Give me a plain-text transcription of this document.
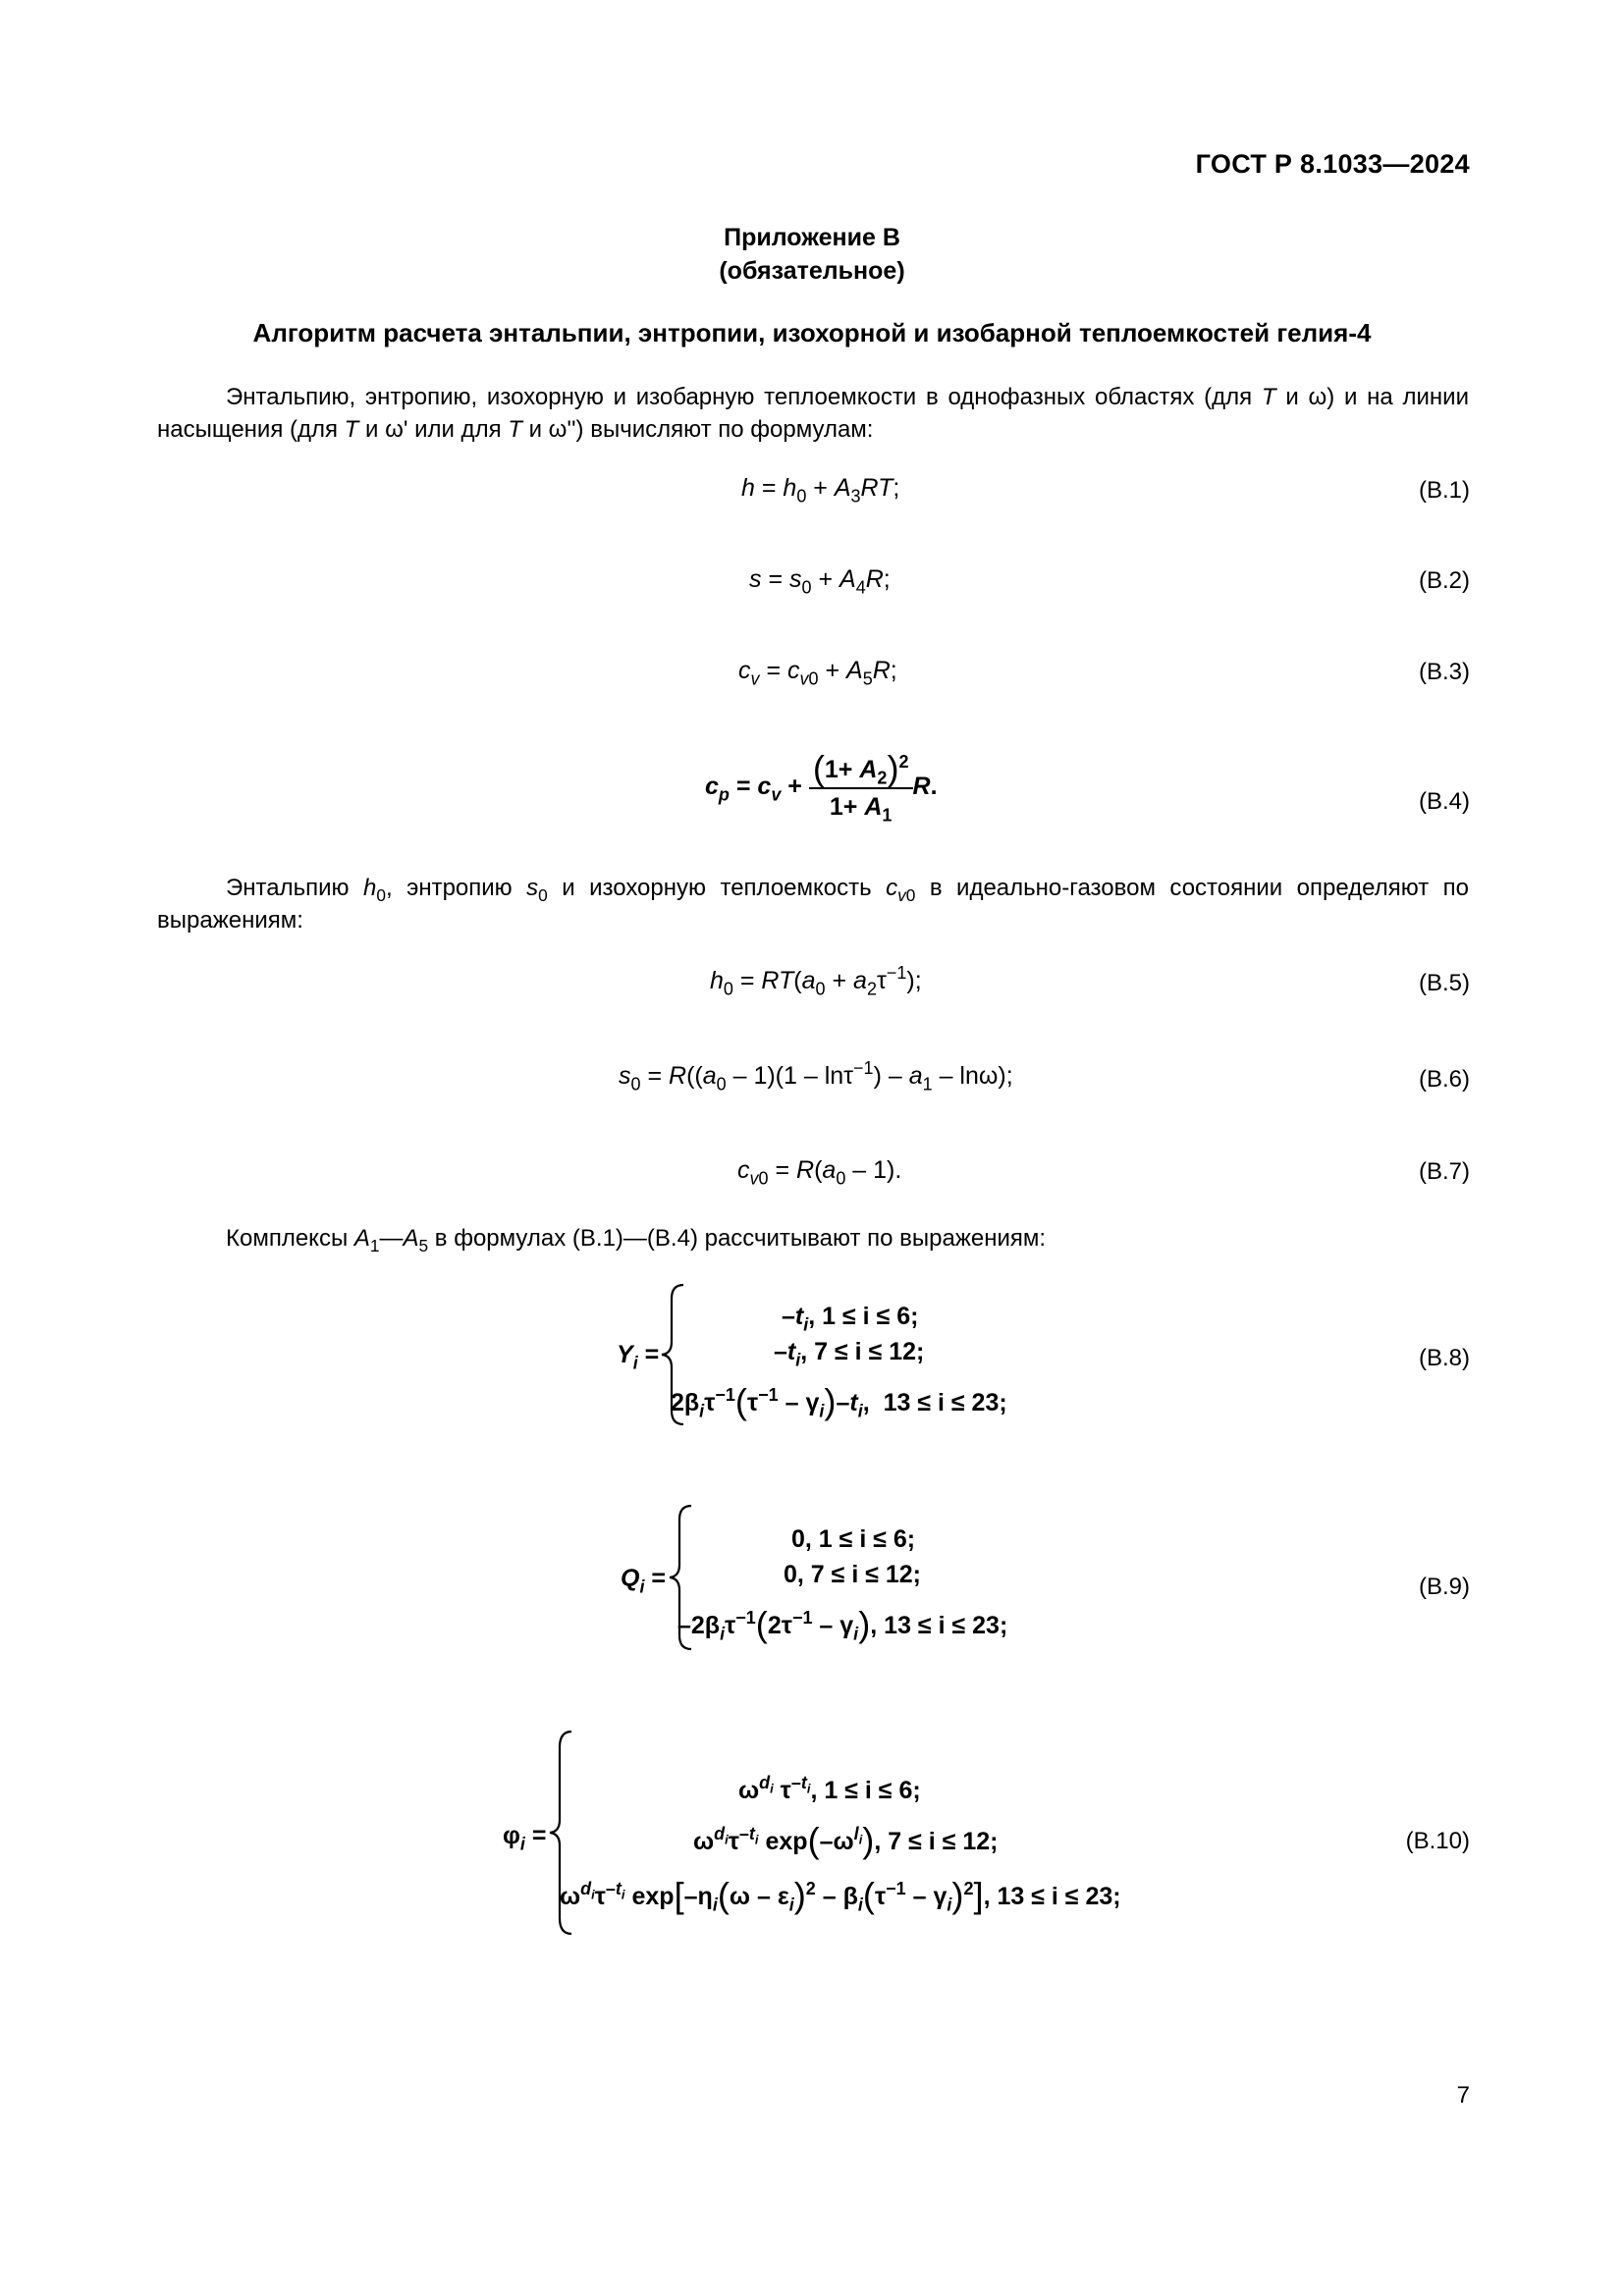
ГОСТ Р 8.1033—2024
Приложение В
(обязательное)
Алгоритм расчета энтальпии, энтропии, изохорной и изобарной теплоемкостей гелия-4
Энтальпию, энтропию, изохорную и изобарную теплоемкости в однофазных областях (для T и ω) и на линии насыщения (для T и ω' или для T и ω'') вычисляют по формулам:
$h = h_0 + A_3RT$;	(В.1)
$s = s_0 + A_4R$;	(В.2)
$c_v = c_{v0} + A_5R$;	(В.3)
$c_p = c_v + \frac{(1+ A_2)^2}{1+ A_1} R$.
(В.4)
Энтальпию $h_0$, энтропию $s_0$ и изохорную теплоемкость $c_{v0}$ в идеально-газовом состоянии определяют по выражениям:
$h_0 = RT(a_0 + a_2\tau^{-1})$;	(В.5)
$s_0 = R((a_0 - 1)(1 - \ln\tau^{-1}) - a_1 - \ln\omega)$;	(В.6)
$c_{v0} = R(a_0 - 1)$.	(В.7)
Комплексы $A_1—A_5$ в формулах (В.1)—(В.4) рассчитывают по выражениям:
$Y_i$ =
$-t_i$, 1 ≤ i ≤ 6;
$-t_i$, 7 ≤ i ≤ 12;
$2\beta_i\tau^{-1}(\tau^{-1} - \gamma_i)-t_i$,  13 ≤ i ≤ 23;
(В.8)
$Q_i$ =
0, 1 ≤ i ≤ 6;
0, 7 ≤ i ≤ 12;
$-2\beta_i\tau^{-1}(2\tau^{-1} - \gamma_i)$, 13 ≤ i ≤ 23;
(В.9)
$\varphi_i$ =
$\omega^{d_i}$ $\tau^{-t_i}$, 1 ≤ i ≤ 6;
$\omega^{d_i}\tau^{-t_i}$ $\exp(-\omega^{l_i})$, 7 ≤ i ≤ 12;
$\omega^{d_i}\tau^{-t_i}$ $\exp[-\eta_i(\omega - \varepsilon_i)^2 - \beta_i(\tau^{-1} - \gamma_i)^2]$, 13 ≤ i ≤ 23;
(В.10)
7
